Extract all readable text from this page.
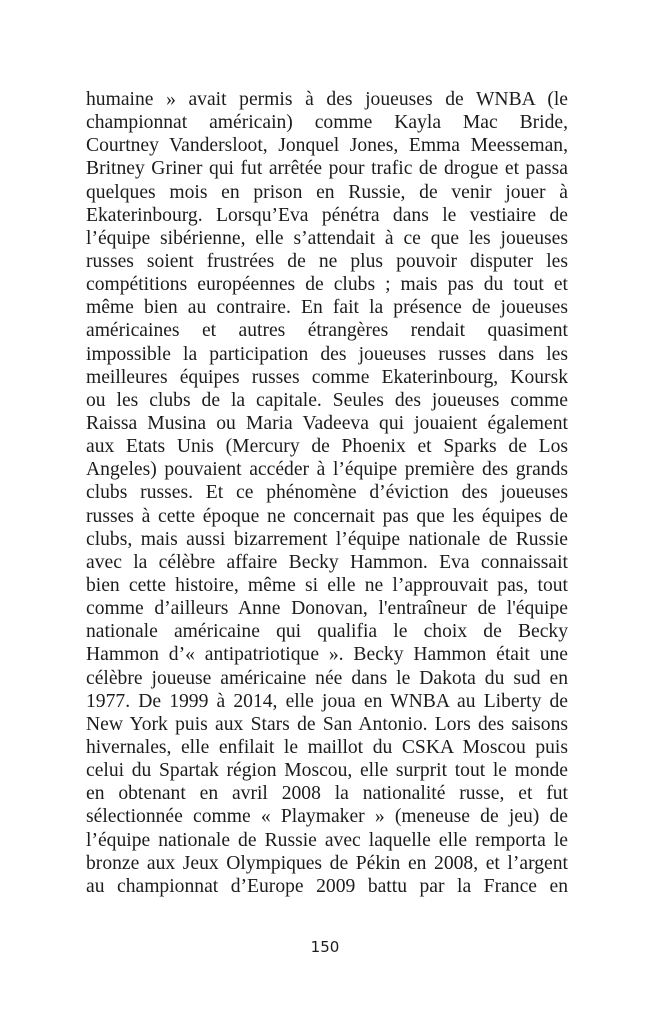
humaine » avait permis à des joueuses de WNBA (le
championnat américain) comme Kayla Mac Bride,
Courtney Vandersloot, Jonquel Jones, Emma Meesseman,
Britney Griner qui fut arrêtée pour trafic de drogue et passa
quelques mois en prison en Russie, de venir jouer à
Ekaterinbourg. Lorsqu’Eva pénétra dans le vestiaire de
l’équipe sibérienne, elle s’attendait à ce que les joueuses
russes soient frustrées de ne plus pouvoir disputer les
compétitions européennes de clubs ; mais pas du tout et
même bien au contraire. En fait la présence de joueuses
américaines et autres étrangères rendait quasiment
impossible la participation des joueuses russes dans les
meilleures équipes russes comme Ekaterinbourg, Koursk
ou les clubs de la capitale. Seules des joueuses comme
Raissa Musina ou Maria Vadeeva qui jouaient également
aux Etats Unis (Mercury de Phoenix et Sparks de Los
Angeles) pouvaient accéder à l’équipe première des grands
clubs russes. Et ce phénomène d’éviction des joueuses
russes à cette époque ne concernait pas que les équipes de
clubs, mais aussi bizarrement l’équipe nationale de Russie
avec la célèbre affaire Becky Hammon. Eva connaissait
bien cette histoire, même si elle ne l’approuvait pas, tout
comme d’ailleurs Anne Donovan, l'entraîneur de l'équipe
nationale américaine qui qualifia le choix de Becky
Hammon d’« antipatriotique ». Becky Hammon était une
célèbre joueuse américaine née dans le Dakota du sud en
1977. De 1999 à 2014, elle joua en WNBA au Liberty de
New York puis aux Stars de San Antonio. Lors des saisons
hivernales, elle enfilait le maillot du CSKA Moscou puis
celui du Spartak région Moscou, elle surprit tout le monde
en obtenant en avril 2008 la nationalité russe, et fut
sélectionnée comme « Playmaker » (meneuse de jeu) de
l’équipe nationale de Russie avec laquelle elle remporta le
bronze aux Jeux Olympiques de Pékin en 2008, et l’argent
au championnat d’Europe 2009 battu par la France en
150
